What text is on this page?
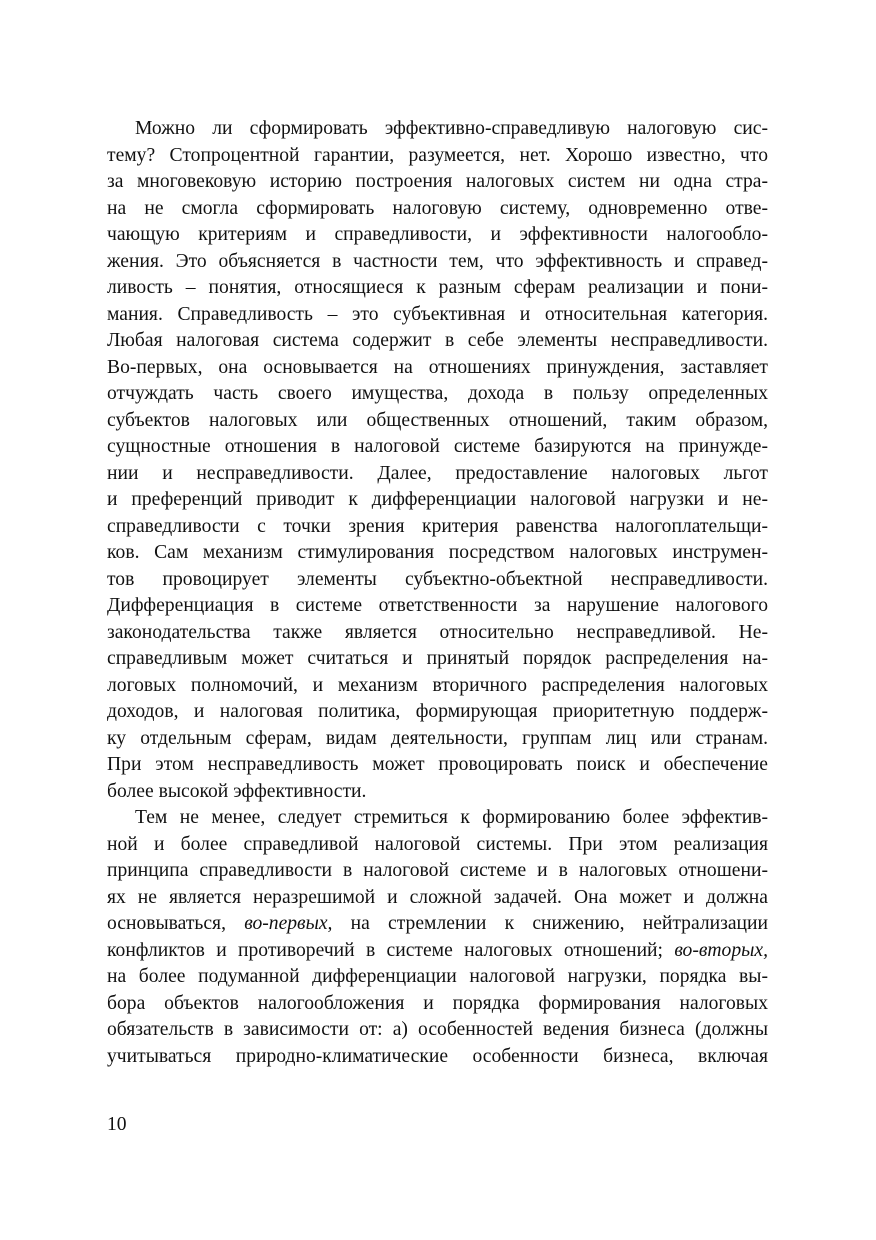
Можно ли сформировать эффективно-справедливую налоговую сис-
тему? Стопроцентной гарантии, разумеется, нет. Хорошо известно, что
за многовековую историю построения налоговых систем ни одна стра-
на не смогла сформировать налоговую систему, одновременно отве-
чающую критериям и справедливости, и эффективности налогообло-
жения. Это объясняется в частности тем, что эффективность и справед-
ливость – понятия, относящиеся к разным сферам реализации и пони-
мания. Справедливость – это субъективная и относительная категория.
Любая налоговая система содержит в себе элементы несправедливости.
Во-первых, она основывается на отношениях принуждения, заставляет
отчуждать часть своего имущества, дохода в пользу определенных
субъектов налоговых или общественных отношений, таким образом,
сущностные отношения в налоговой системе базируются на принужде-
нии и несправедливости. Далее, предоставление налоговых льгот
и преференций приводит к дифференциации налоговой нагрузки и не-
справедливости с точки зрения критерия равенства налогоплательщи-
ков. Сам механизм стимулирования посредством налоговых инструмен-
тов провоцирует элементы субъектно-объектной несправедливости.
Дифференциация в системе ответственности за нарушение налогового
законодательства также является относительно несправедливой. Не-
справедливым может считаться и принятый порядок распределения на-
логовых полномочий, и механизм вторичного распределения налоговых
доходов, и налоговая политика, формирующая приоритетную поддерж-
ку отдельным сферам, видам деятельности, группам лиц или странам.
При этом несправедливость может провоцировать поиск и обеспечение
более высокой эффективности.
Тем не менее, следует стремиться к формированию более эффектив-
ной и более справедливой налоговой системы. При этом реализация
принципа справедливости в налоговой системе и в налоговых отношени-
ях не является неразрешимой и сложной задачей. Она может и должна
основываться, во-первых, на стремлении к снижению, нейтрализации
конфликтов и противоречий в системе налоговых отношений; во-вторых,
на более подуманной дифференциации налоговой нагрузки, порядка вы-
бора объектов налогообложения и порядка формирования налоговых
обязательств в зависимости от: а) особенностей ведения бизнеса (должны
учитываться природно-климатические особенности бизнеса, включая
10
